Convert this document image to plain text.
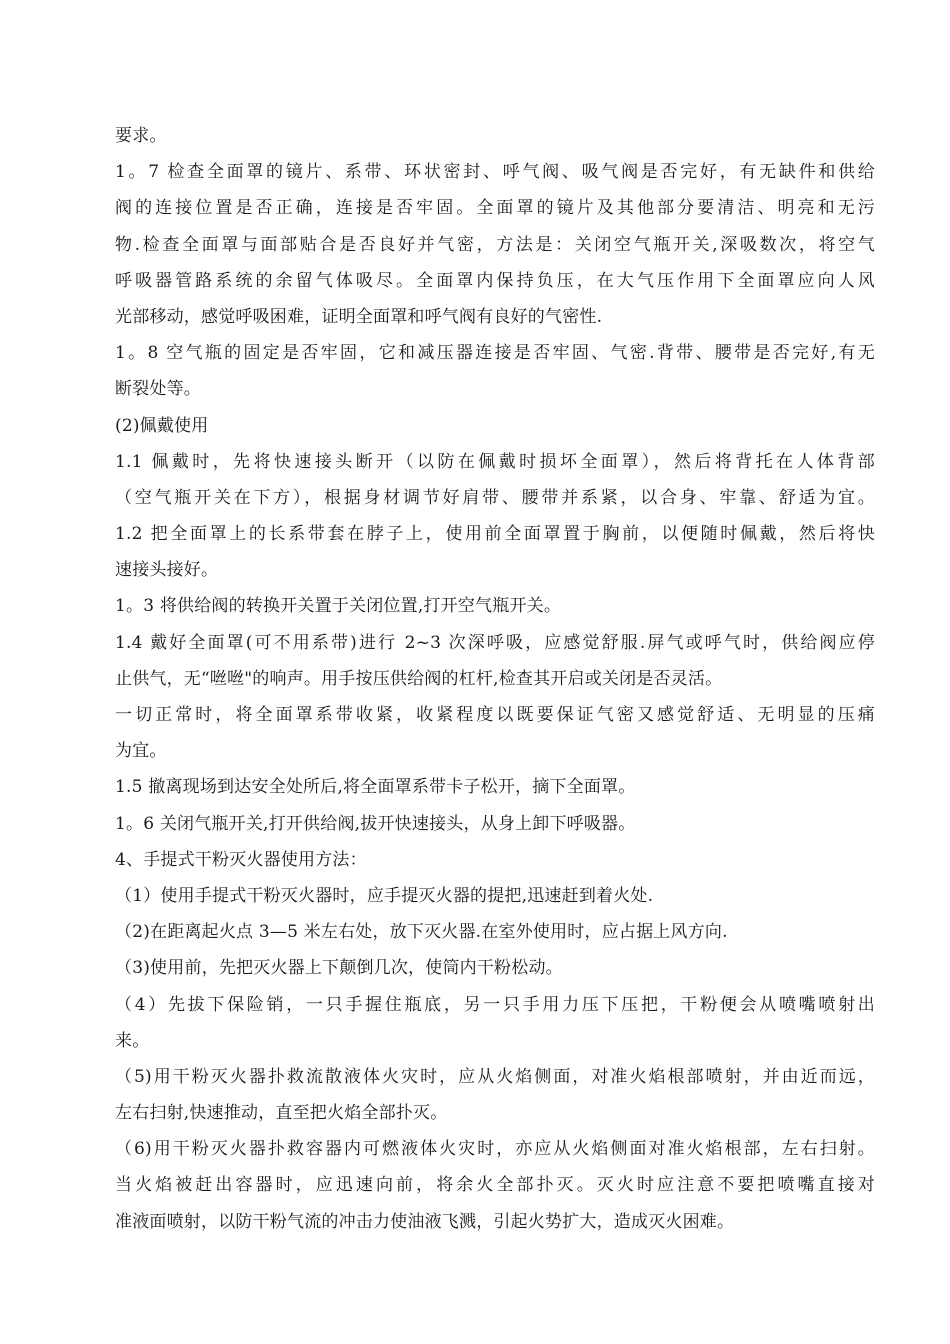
要求。
1。7 检查全面罩的镜片、系带、环状密封、呼气阀、吸气阀是否完好，有无缺件和供给
阀的连接位置是否正确，连接是否牢固。全面罩的镜片及其他部分要清洁、明亮和无污
物.检查全面罩与面部贴合是否良好并气密，方法是：关闭空气瓶开关,深吸数次，将空气
呼吸器管路系统的余留气体吸尽。全面罩内保持负压，在大气压作用下全面罩应向人风
光部移动，感觉呼吸困难，证明全面罩和呼气阀有良好的气密性.
1。8 空气瓶的固定是否牢固，它和减压器连接是否牢固、气密.背带、腰带是否完好,有无
断裂处等。
(2)佩戴使用
1.1 佩戴时，先将快速接头断开（以防在佩戴时损坏全面罩），然后将背托在人体背部
（空气瓶开关在下方），根据身材调节好肩带、腰带并系紧，以合身、牢靠、舒适为宜。
1.2 把全面罩上的长系带套在脖子上，使用前全面罩置于胸前，以便随时佩戴，然后将快
速接头接好。
1。3 将供给阀的转换开关置于关闭位置,打开空气瓶开关。
1.4 戴好全面罩(可不用系带)进行 2~3 次深呼吸，应感觉舒服.屏气或呼气时，供给阀应停
止供气，无“咝咝"的响声。用手按压供给阀的杠杆,检查其开启或关闭是否灵活。
一切正常时，将全面罩系带收紧，收紧程度以既要保证气密又感觉舒适、无明显的压痛
为宜。
1.5 撤离现场到达安全处所后,将全面罩系带卡子松开，摘下全面罩。
1。6 关闭气瓶开关,打开供给阀,拔开快速接头，从身上卸下呼吸器。
4、手提式干粉灭火器使用方法：
（1）使用手提式干粉灭火器时，应手提灭火器的提把,迅速赶到着火处.
（2)在距离起火点 3—5 米左右处，放下灭火器.在室外使用时，应占据上风方向.
（3)使用前，先把灭火器上下颠倒几次，使筒内干粉松动。
（4）先拔下保险销，一只手握住瓶底，另一只手用力压下压把，干粉便会从喷嘴喷射出
来。
（5)用干粉灭火器扑救流散液体火灾时，应从火焰侧面，对准火焰根部喷射，并由近而远，
左右扫射,快速推动，直至把火焰全部扑灭。
（6)用干粉灭火器扑救容器内可燃液体火灾时，亦应从火焰侧面对准火焰根部，左右扫射。
当火焰被赶出容器时，应迅速向前，将余火全部扑灭。灭火时应注意不要把喷嘴直接对
准液面喷射，以防干粉气流的冲击力使油液飞溅，引起火势扩大，造成灭火困难。
